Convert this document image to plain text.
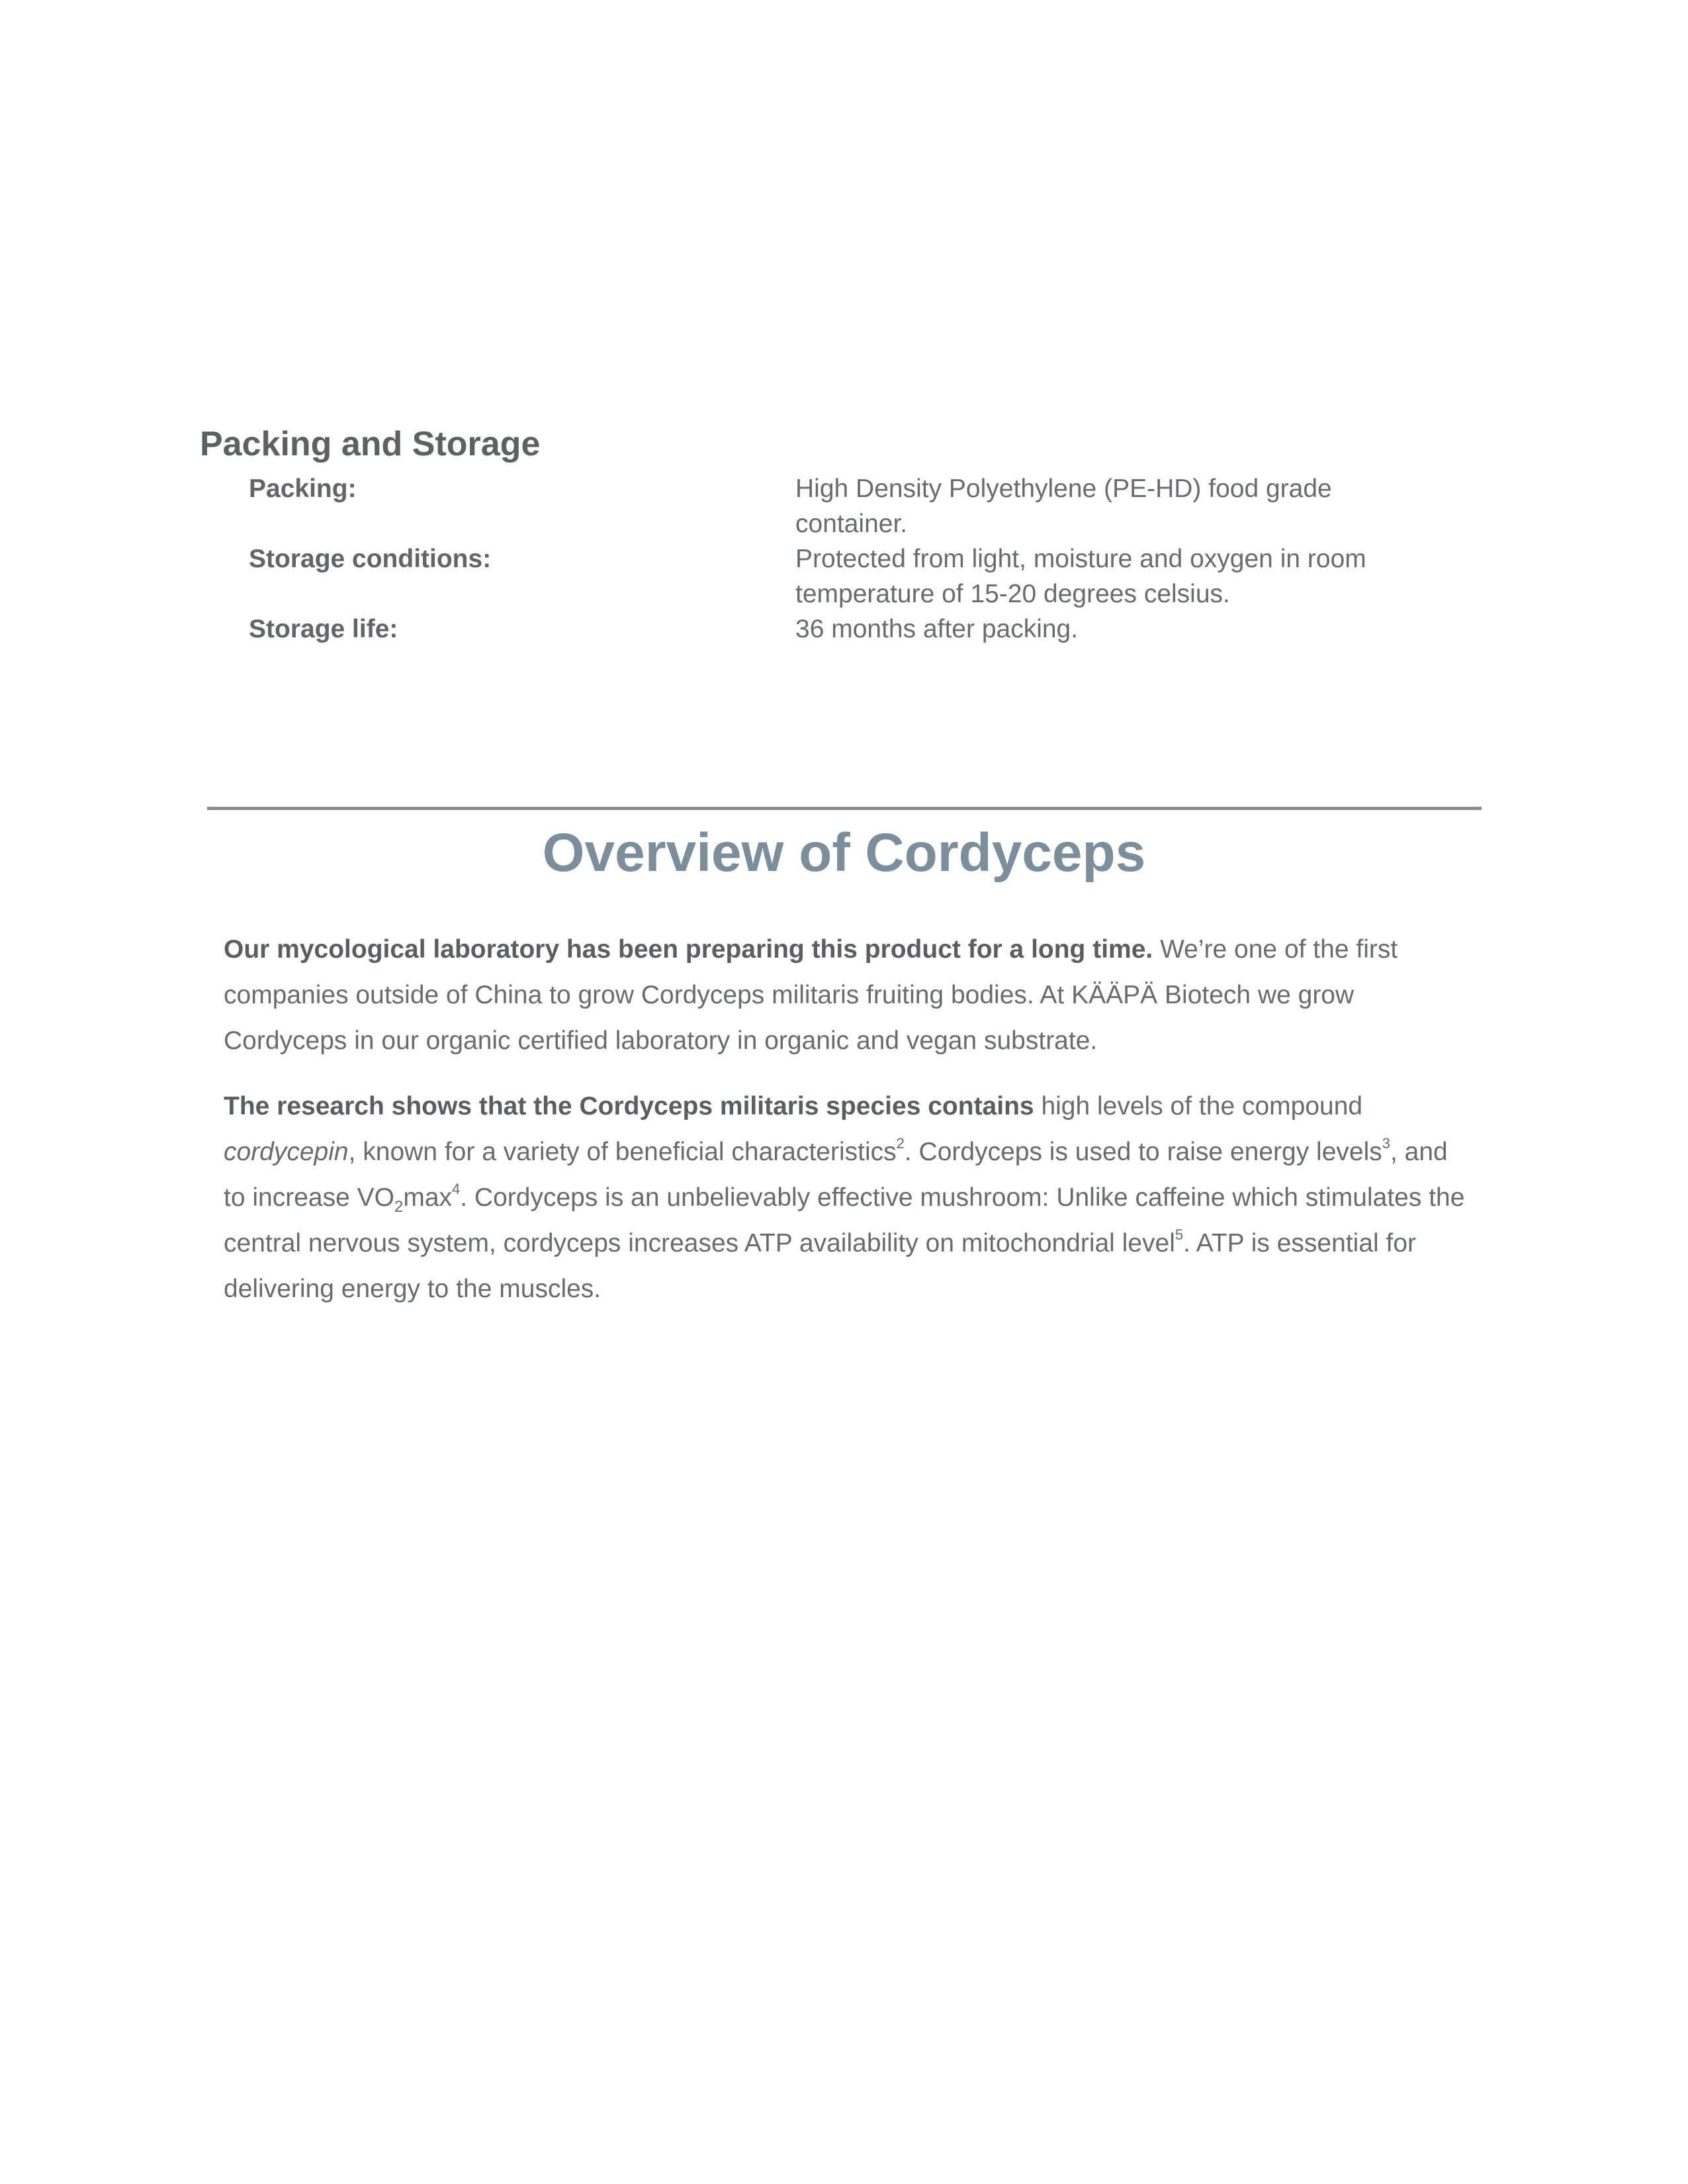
Packing and Storage
Packing:	High Density Polyethylene (PE-HD) food grade container.
Storage conditions:	Protected from light, moisture and oxygen in room temperature of 15-20 degrees celsius.
Storage life:	36 months after packing.
Overview of Cordyceps

Our mycological laboratory has been preparing this product for a long time. We’re one of the first companies outside of China to grow Cordyceps militaris fruiting bodies. At KÄÄPÄ Biotech we grow Cordyceps in our organic certified laboratory in organic and vegan substrate.

The research shows that the Cordyceps militaris species contains high levels of the compound cordycepin, known for a variety of beneficial characteristics$^2$. Cordyceps is used to raise energy levels$^3$, and to increase $VO_2\max^4$. Cordyceps is an unbelievably effective mushroom: Unlike caffeine which stimulates the central nervous system, cordyceps increases ATP availability on mitochondrial level$^5$. ATP is essential for delivering energy to the muscles.
